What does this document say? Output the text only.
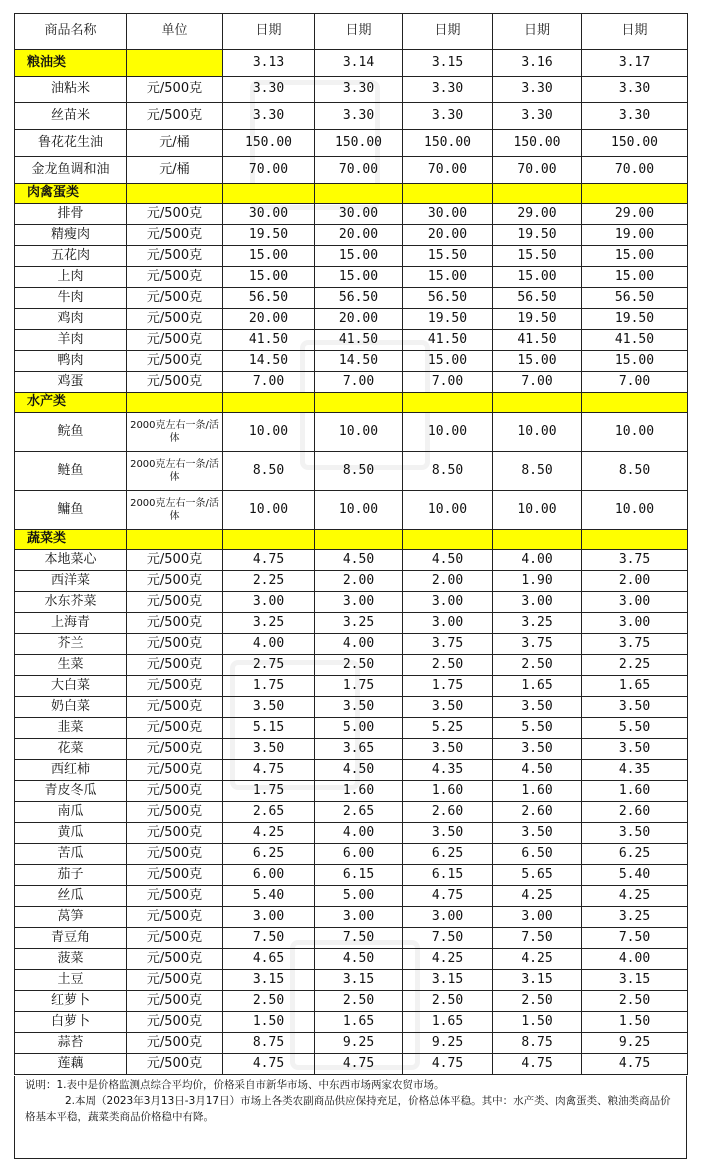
商品名称	单位	日期	日期	日期	日期	日期
粮油类		3.13	3.14	3.15	3.16	3.17
油粘米	元/500克	3.30	3.30	3.30	3.30	3.30
丝苗米	元/500克	3.30	3.30	3.30	3.30	3.30
鲁花花生油	元/桶	150.00	150.00	150.00	150.00	150.00
金龙鱼调和油	元/桶	70.00	70.00	70.00	70.00	70.00
肉禽蛋类						
排骨	元/500克	30.00	30.00	30.00	29.00	29.00
精瘦肉	元/500克	19.50	20.00	20.00	19.50	19.00
五花肉	元/500克	15.00	15.00	15.50	15.50	15.00
上肉	元/500克	15.00	15.00	15.00	15.00	15.00
牛肉	元/500克	56.50	56.50	56.50	56.50	56.50
鸡肉	元/500克	20.00	20.00	19.50	19.50	19.50
羊肉	元/500克	41.50	41.50	41.50	41.50	41.50
鸭肉	元/500克	14.50	14.50	15.00	15.00	15.00
鸡蛋	元/500克	7.00	7.00	7.00	7.00	7.00
水产类						
鲩鱼	2000克左右一条/活体	10.00	10.00	10.00	10.00	10.00
鲢鱼	2000克左右一条/活体	8.50	8.50	8.50	8.50	8.50
鳙鱼	2000克左右一条/活体	10.00	10.00	10.00	10.00	10.00
蔬菜类						
本地菜心	元/500克	4.75	4.50	4.50	4.00	3.75
西洋菜	元/500克	2.25	2.00	2.00	1.90	2.00
水东芥菜	元/500克	3.00	3.00	3.00	3.00	3.00
上海青	元/500克	3.25	3.25	3.00	3.25	3.00
芥兰	元/500克	4.00	4.00	3.75	3.75	3.75
生菜	元/500克	2.75	2.50	2.50	2.50	2.25
大白菜	元/500克	1.75	1.75	1.75	1.65	1.65
奶白菜	元/500克	3.50	3.50	3.50	3.50	3.50
韭菜	元/500克	5.15	5.00	5.25	5.50	5.50
花菜	元/500克	3.50	3.65	3.50	3.50	3.50
西红柿	元/500克	4.75	4.50	4.35	4.50	4.35
青皮冬瓜	元/500克	1.75	1.60	1.60	1.60	1.60
南瓜	元/500克	2.65	2.65	2.60	2.60	2.60
黄瓜	元/500克	4.25	4.00	3.50	3.50	3.50
苦瓜	元/500克	6.25	6.00	6.25	6.50	6.25
茄子	元/500克	6.00	6.15	6.15	5.65	5.40
丝瓜	元/500克	5.40	5.00	4.75	4.25	4.25
莴笋	元/500克	3.00	3.00	3.00	3.00	3.25
青豆角	元/500克	7.50	7.50	7.50	7.50	7.50
菠菜	元/500克	4.65	4.50	4.25	4.25	4.00
土豆	元/500克	3.15	3.15	3.15	3.15	3.15
红萝卜	元/500克	2.50	2.50	2.50	2.50	2.50
白萝卜	元/500克	1.50	1.65	1.65	1.50	1.50
蒜苔	元/500克	8.75	9.25	9.25	8.75	9.25
莲藕	元/500克	4.75	4.75	4.75	4.75	4.75

说明：1.表中是价格监测点综合平均价，价格采自市新华市场、中东西市场两家农贸市场。

2.本周（2023年3月13日-3月17日）市场上各类农副商品供应保持充足，价格总体平稳。其中：水产类、肉禽蛋类、粮油类商品价格基本平稳，蔬菜类商品价格稳中有降。
